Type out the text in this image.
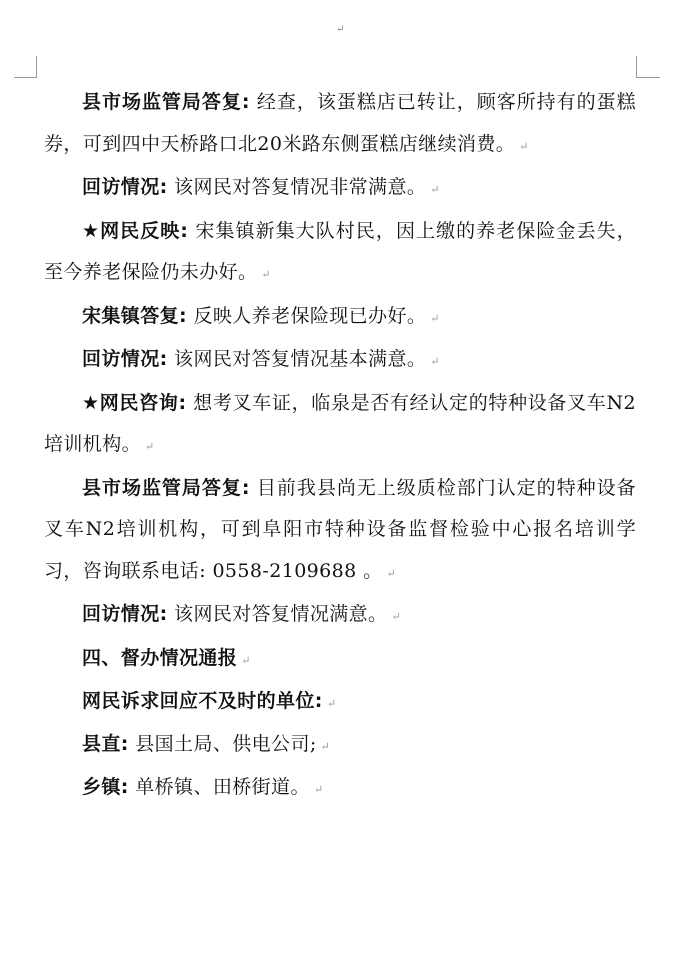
↵

县市场监管局答复: 经查，该蛋糕店已转让，顾客所持有的蛋糕券，可到四中天桥路口北20米路东侧蛋糕店继续消费。 ↵

回访情况: 该网民对答复情况非常满意。 ↵

★网民反映: 宋集镇新集大队村民，因上缴的养老保险金丢失，至今养老保险仍未办好。 ↵

宋集镇答复: 反映人养老保险现已办好。 ↵

回访情况: 该网民对答复情况基本满意。 ↵

★网民咨询: 想考叉车证，临泉是否有经认定的特种设备叉车N2培训机构。 ↵

县市场监管局答复: 目前我县尚无上级质检部门认定的特种设备叉车N2培训机构，可到阜阳市特种设备监督检验中心报名培训学习，咨询联系电话: 0558-2109688 。 ↵

回访情况: 该网民对答复情况满意。 ↵

四、督办情况通报 ↵

网民诉求回应不及时的单位: ↵

县直: 县国土局、供电公司; ↵

乡镇: 单桥镇、田桥街道。 ↵
